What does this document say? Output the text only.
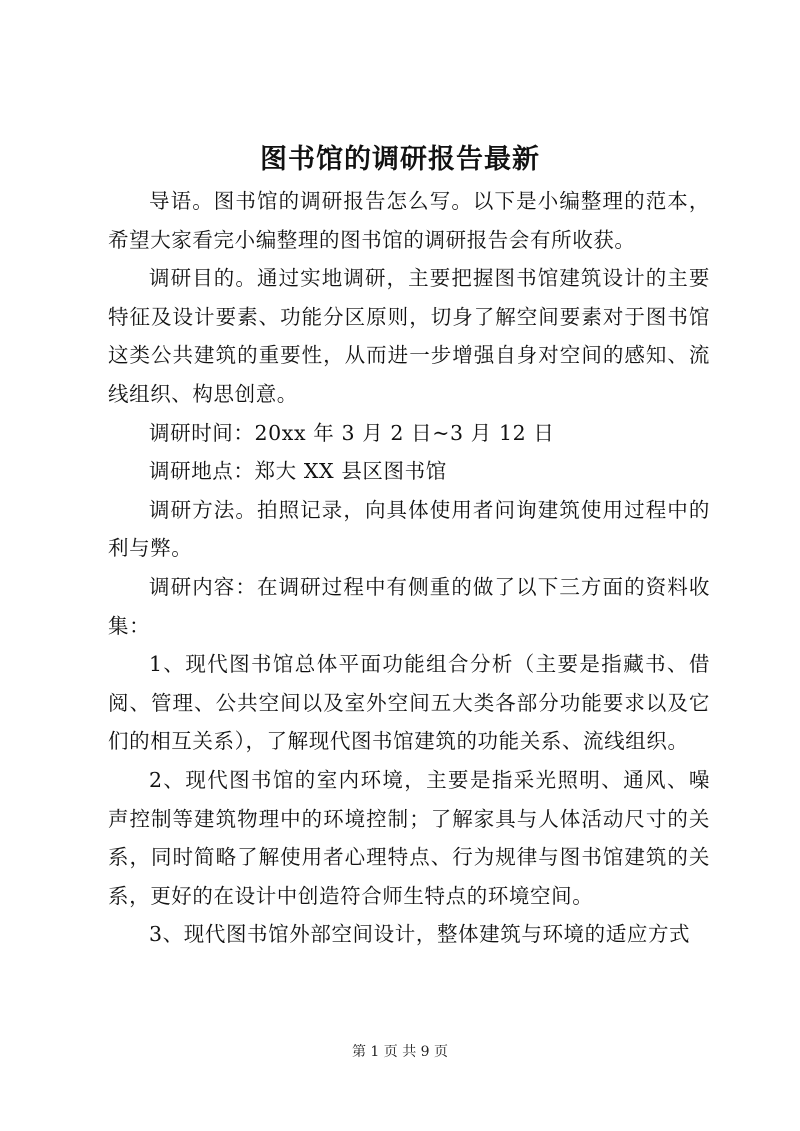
图书馆的调研报告最新

导语。图书馆的调研报告怎么写。以下是小编整理的范本，希望大家看完小编整理的图书馆的调研报告会有所收获。

调研目的。通过实地调研，主要把握图书馆建筑设计的主要特征及设计要素、功能分区原则，切身了解空间要素对于图书馆这类公共建筑的重要性，从而进一步增强自身对空间的感知、流线组织、构思创意。

调研时间：20xx 年 3 月 2 日~3 月 12 日

调研地点：郑大 XX 县区图书馆

调研方法。拍照记录，向具体使用者问询建筑使用过程中的利与弊。

调研内容：在调研过程中有侧重的做了以下三方面的资料收集：

1、现代图书馆总体平面功能组合分析（主要是指藏书、借阅、管理、公共空间以及室外空间五大类各部分功能要求以及它们的相互关系），了解现代图书馆建筑的功能关系、流线组织。

2、现代图书馆的室内环境，主要是指采光照明、通风、噪声控制等建筑物理中的环境控制；了解家具与人体活动尺寸的关系，同时简略了解使用者心理特点、行为规律与图书馆建筑的关系，更好的在设计中创造符合师生特点的环境空间。

3、现代图书馆外部空间设计，整体建筑与环境的适应方式

第 1 页 共 9 页
